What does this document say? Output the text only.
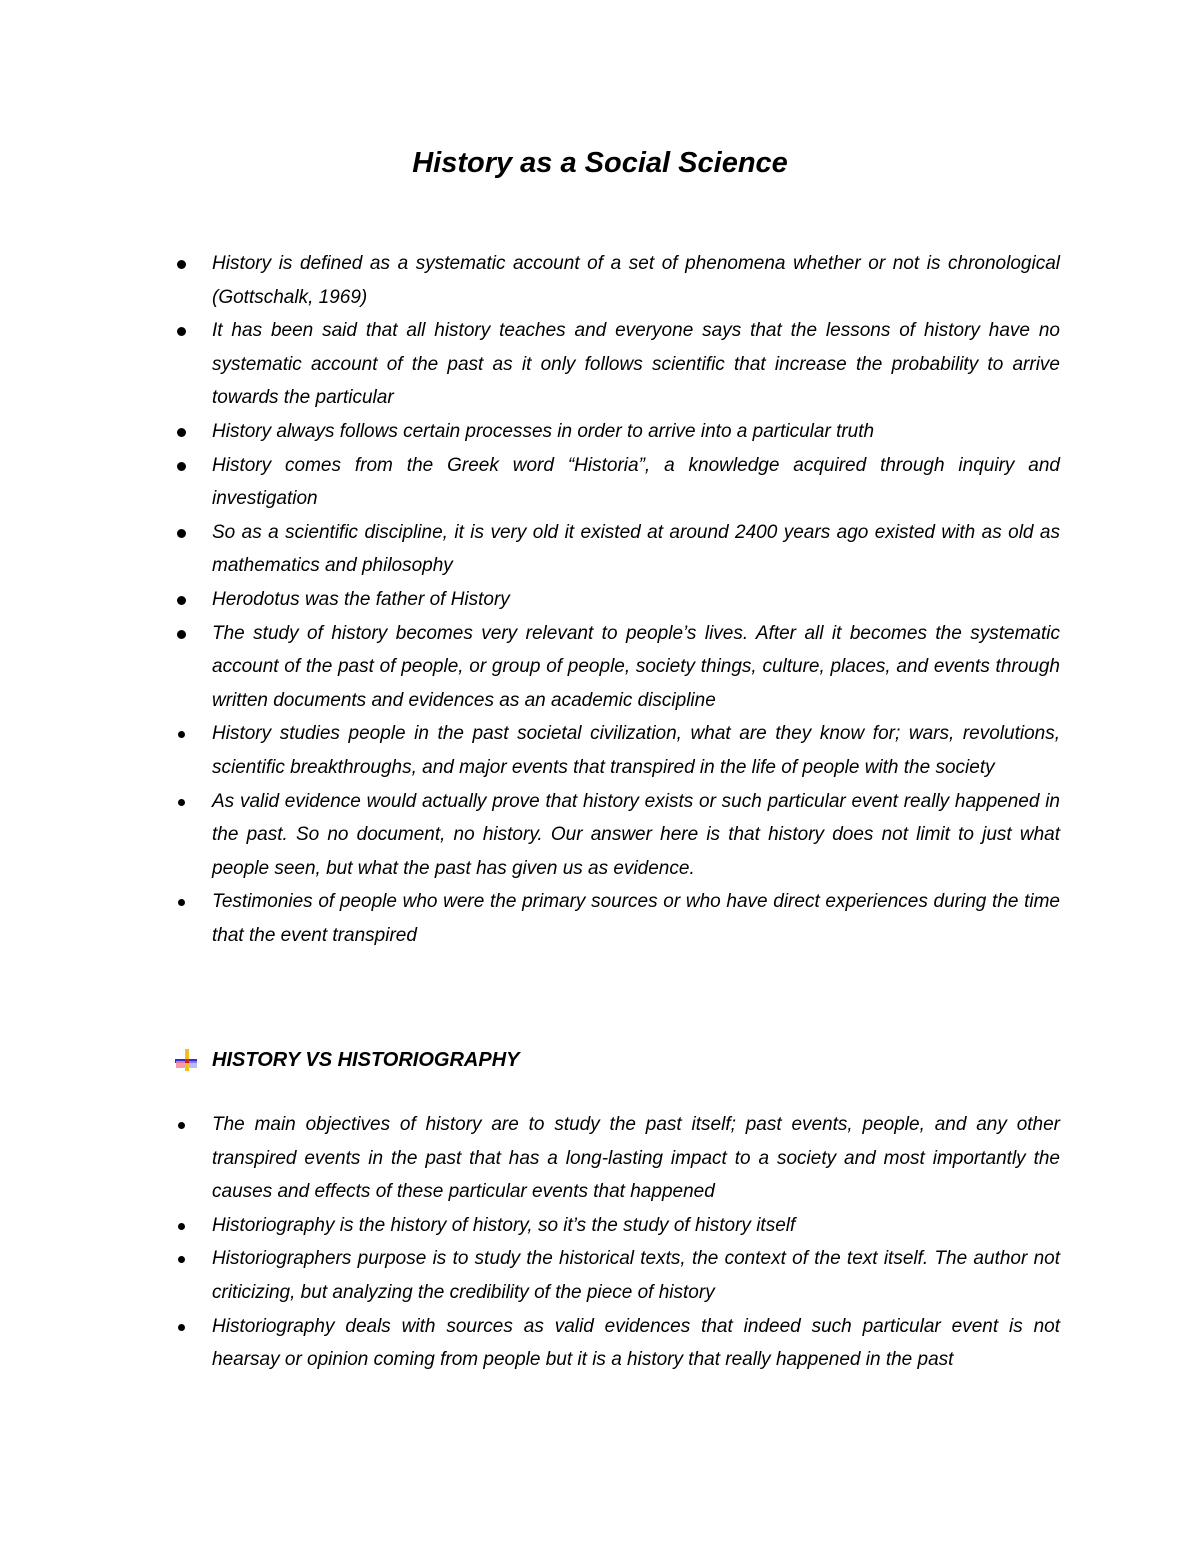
History as a Social Science
History is defined as a systematic account of a set of phenomena whether or not is chronological (Gottschalk, 1969)
It has been said that all history teaches and everyone says that the lessons of history have no systematic account of the past as it only follows scientific that increase the probability to arrive towards the particular
History always follows certain processes in order to arrive into a particular truth
History comes from the Greek word “Historia”, a knowledge acquired through inquiry and investigation
So as a scientific discipline, it is very old it existed at around 2400 years ago existed with as old as mathematics and philosophy
Herodotus was the father of History
The study of history becomes very relevant to people’s lives. After all it becomes the systematic account of the past of people, or group of people, society things, culture, places, and events through written documents and evidences as an academic discipline
History studies people in the past societal civilization, what are they know for; wars, revolutions, scientific breakthroughs, and major events that transpired in the life of people with the society
As valid evidence would actually prove that history exists or such particular event really happened in the past. So no document, no history. Our answer here is that history does not limit to just what people seen, but what the past has given us as evidence.
Testimonies of people who were the primary sources or who have direct experiences during the time that the event transpired
HISTORY VS HISTORIOGRAPHY
The main objectives of history are to study the past itself; past events, people, and any other transpired events in the past that has a long-lasting impact to a society and most importantly the causes and effects of these particular events that happened
Historiography is the history of history, so it’s the study of history itself
Historiographers purpose is to study the historical texts, the context of the text itself. The author not criticizing, but analyzing the credibility of the piece of history
Historiography deals with sources as valid evidences that indeed such particular event is not hearsay or opinion coming from people but it is a history that really happened in the past
